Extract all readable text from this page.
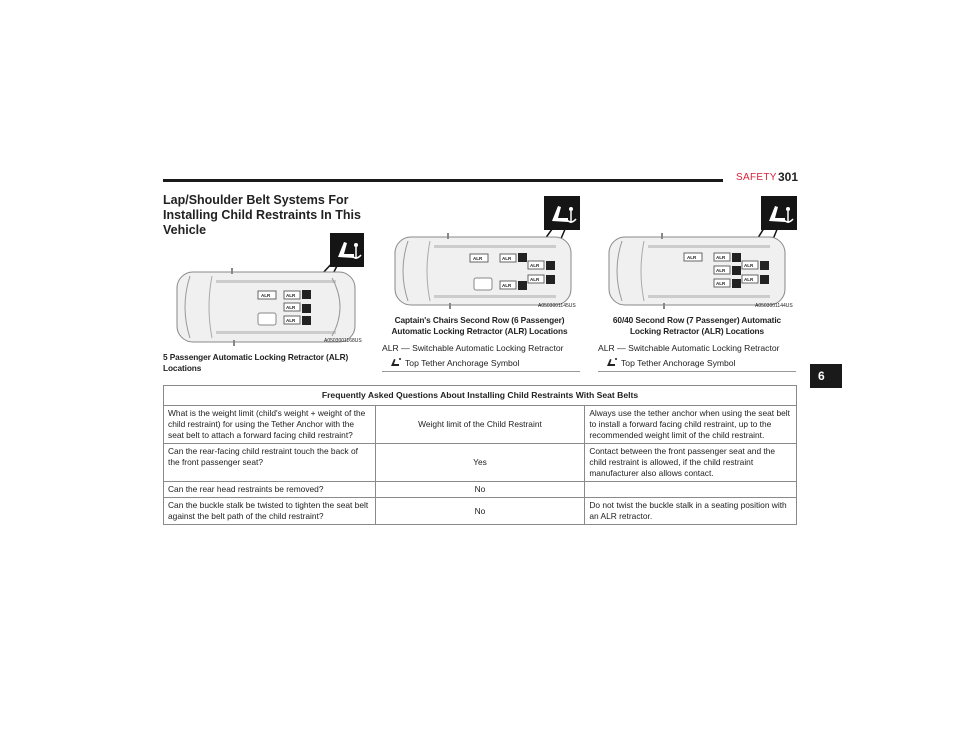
SAFETY 301
Lap/Shoulder Belt Systems For Installing Child Restraints In This Vehicle
ALR	ALR
ALR
ALR
A0503001168US
5 Passenger Automatic Locking Retractor (ALR) Locations
ALR	ALR
ALR
ALR
ALR
A0503001145US
Captain's Chairs Second Row (6 Passenger) Automatic Locking Retractor (ALR) Locations
ALR	ALR
ALR
ALR
ALR
ALR
A0503001144US
60/40 Second Row (7 Passenger) Automatic Locking Retractor (ALR) Locations
ALR — Switchable Automatic Locking Retractor
Top Tether Anchorage Symbol
ALR — Switchable Automatic Locking Retractor
Top Tether Anchorage Symbol
6
Frequently Asked Questions About Installing Child Restraints With Seat Belts		
What is the weight limit (child's weight + weight of the child restraint) for using the Tether Anchor with the seat belt to attach a forward facing child restraint?	Weight limit of the Child Restraint	Always use the tether anchor when using the seat belt to install a forward facing child restraint, up to the recommended weight limit of the child restraint.
Can the rear-facing child restraint touch the back of the front passenger seat?	Yes	Contact between the front passenger seat and the child restraint is allowed, if the child restraint manufacturer also allows contact.
Can the rear head restraints be removed?	No	
Can the buckle stalk be twisted to tighten the seat belt against the belt path of the child restraint?	No	Do not twist the buckle stalk in a seating position with an ALR retractor.
